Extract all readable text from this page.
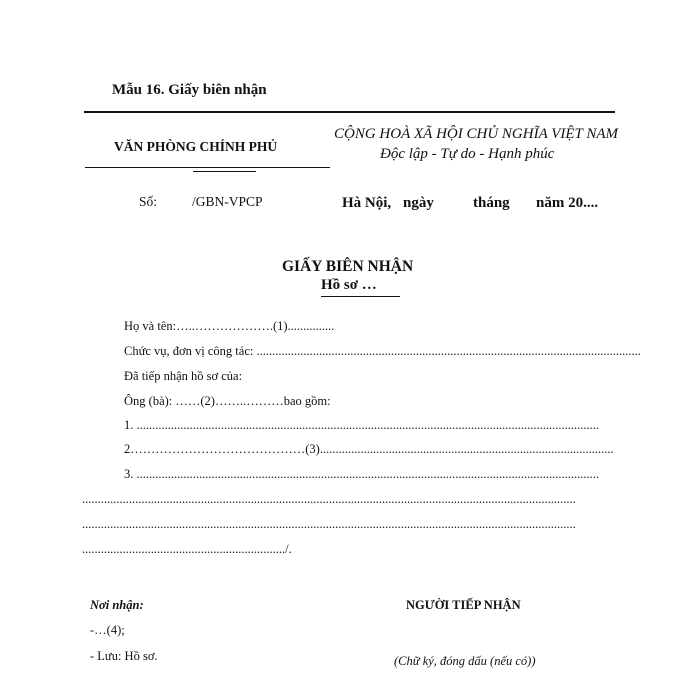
Mẫu 16. Giấy biên nhận
VĂN PHÒNG CHÍNH PHỦ
CỘNG HOÀ XÃ HỘI CHỦ NGHĨA VIỆT NAM
Độc lập - Tự do - Hạnh phúc
Số:	/GBN-VPCP	Hà Nội, ngày	tháng năm 20....
GIẤY BIÊN NHẬN
Hồ sơ …
Họ và tên:…..……………….(1)...............
Chức vụ, đơn vị công tác: ...........................................................................................................................
Đã tiếp nhận hồ sơ của:
Ông (bà): ……(2)……..………bao gồm:
1. ....................................................................................................................................................
2……………………………………(3)..............................................................................................
3. ....................................................................................................................................................
..............................................................................................................................................................
..............................................................................................................................................................
................................................................./.
Nơi nhận:
-…(4);
- Lưu: Hồ sơ.
NGƯỜI TIẾP NHẬN
(Chữ ký, đóng dấu (nếu có))
